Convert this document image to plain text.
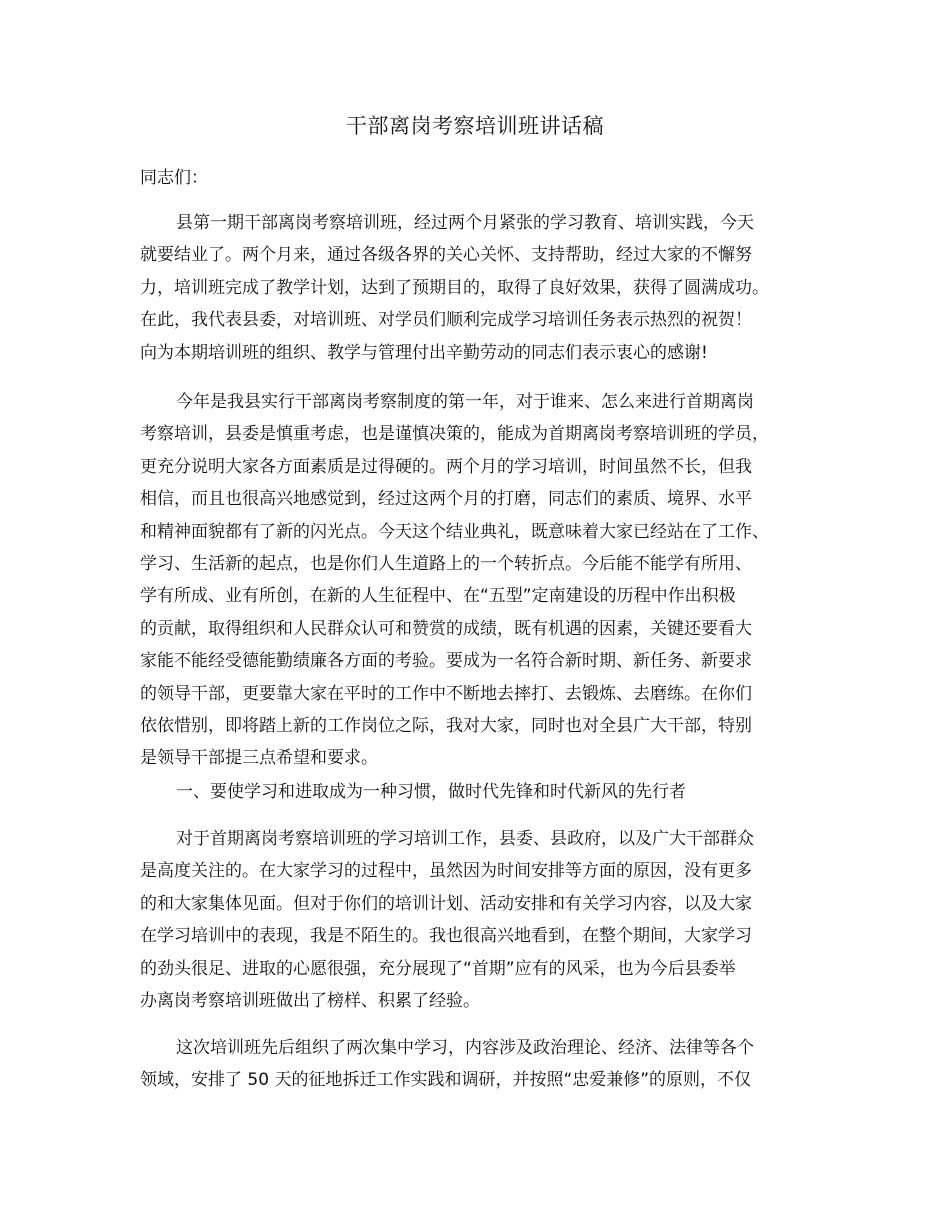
干部离岗考察培训班讲话稿

同志们：

县第一期干部离岗考察培训班，经过两个月紧张的学习教育、培训实践，今天
就要结业了。两个月来，通过各级各界的关心关怀、支持帮助，经过大家的不懈努
力，培训班完成了教学计划，达到了预期目的，取得了良好效果，获得了圆满成功。
在此，我代表县委，对培训班、对学员们顺利完成学习培训任务表示热烈的祝贺！
向为本期培训班的组织、教学与管理付出辛勤劳动的同志们表示衷心的感谢!
今年是我县实行干部离岗考察制度的第一年，对于谁来、怎么来进行首期离岗
考察培训，县委是慎重考虑，也是谨慎决策的，能成为首期离岗考察培训班的学员，
更充分说明大家各方面素质是过得硬的。两个月的学习培训，时间虽然不长，但我
相信，而且也很高兴地感觉到，经过这两个月的打磨，同志们的素质、境界、水平
和精神面貌都有了新的闪光点。今天这个结业典礼，既意味着大家已经站在了工作、
学习、生活新的起点，也是你们人生道路上的一个转折点。今后能不能学有所用、
学有所成、业有所创，在新的人生征程中、在“五型”定南建设的历程中作出积极
的贡献，取得组织和人民群众认可和赞赏的成绩，既有机遇的因素，关键还要看大
家能不能经受德能勤绩廉各方面的考验。要成为一名符合新时期、新任务、新要求
的领导干部，更要靠大家在平时的工作中不断地去摔打、去锻炼、去磨练。在你们
依依惜别，即将踏上新的工作岗位之际，我对大家，同时也对全县广大干部，特别
是领导干部提三点希望和要求。
一、要使学习和进取成为一种习惯，做时代先锋和时代新风的先行者
对于首期离岗考察培训班的学习培训工作，县委、县政府，以及广大干部群众
是高度关注的。在大家学习的过程中，虽然因为时间安排等方面的原因，没有更多
的和大家集体见面。但对于你们的培训计划、活动安排和有关学习内容，以及大家
在学习培训中的表现，我是不陌生的。我也很高兴地看到，在整个期间，大家学习
的劲头很足、进取的心愿很强，充分展现了“首期”应有的风采，也为今后县委举
办离岗考察培训班做出了榜样、积累了经验。
这次培训班先后组织了两次集中学习，内容涉及政治理论、经济、法律等各个
领域，安排了 50 天的征地拆迁工作实践和调研，并按照“忠爱兼修”的原则，不仅
